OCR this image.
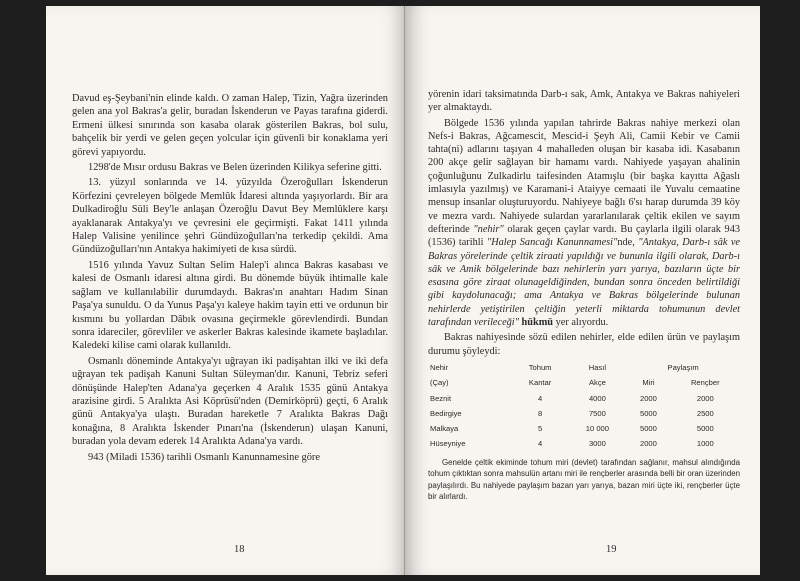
Davud eş-Şeybani'nin elinde kaldı. O zaman Halep, Tizin, Yağra üzerinden gelen ana yol Bakras'a gelir, buradan İskenderun ve Payas tarafına giderdi. Ermeni ülkesi sınırında son kasaba olarak gösterilen Bakras, bol sulu, bahçelik bir yerdi ve gelen geçen yolcular için güvenli bir konaklama yeri görevi yapıyordu.

1298'de Mısır ordusu Bakras ve Belen üzerinden Kilikya seferine gitti.

13. yüzyıl sonlarında ve 14. yüzyılda Özeroğulları İskenderun Körfezini çevreleyen bölgede Memlûk İdaresi altında yaşıyorlardı. Bir ara Dulkadiroğlu Süli Bey'le anlaşan Özeroğlu Davut Bey Memlûklere karşı ayaklanarak Antakya'yı ve çevresini ele geçirmişti. Fakat 1411 yılında Halep Valisine yenilince şehri Gündüzoğulları'na terkedip çekildi. Ama Gündüzoğulları'nın Antakya hakimiyeti de kısa sürdü.

1516 yılında Yavuz Sultan Selim Halep'i alınca Bakras kasabası ve kalesi de Osmanlı idaresi altına girdi. Bu dönemde büyük ihtimalle kale sağlam ve kullanılabilir durumdaydı. Bakras'ın anahtarı Hadım Sinan Paşa'ya sunuldu. O da Yunus Paşa'yı kaleye hakim tayin etti ve ordunun bir kısmını bu yollardan Dâbık ovasına geçirmekle görevlendirdi. Bundan sonra idareciler, görevliler ve askerler Bakras kalesinde ikamete başladılar. Kaledeki kilise cami olarak kullanıldı.

Osmanlı döneminde Antakya'yı uğrayan iki padişahtan ilki ve iki defa uğrayan tek padişah Kanuni Sultan Süleyman'dır. Kanuni, Tebriz seferi dönüşünde Halep'ten Adana'ya geçerken 4 Aralık 1535 günü Antakya arazisine girdi. 5 Aralıkta Asi Köprüsü'nden (Demirköprü) geçti, 6 Aralık günü Antakya'ya ulaştı. Buradan hareketle 7 Aralıkta Bakras Dağı konağına, 8 Aralıkta İskender Pınarı'na (İskenderun) ulaşan Kanuni, buradan yola devam ederek 14 Aralıkta Adana'ya vardı.

943 (Miladi 1536) tarihli Osmanlı Kanunnamesine göre

18

yörenin idari taksimatında Darb-ı sak, Amk, Antakya ve Bakras nahiyeleri yer almaktaydı.

Bölgede 1536 yılında yapılan tahrirde Bakras nahiye merkezi olan Nefs-i Bakras, Ağcamescit, Mescid-i Şeyh Ali, Camii Kebir ve Camii tahta(ni) adlarını taşıyan 4 mahalleden oluşan bir kasaba idi. Kasabanın 200 akçe gelir sağlayan bir hamamı vardı. Nahiyede yaşayan ahalinin çoğunluğunu Zulkadirlu taifesinden Atamışlu (bir başka kayıtta Ağaslı imlasıyla yazılmış) ve Karamani-i Ataiyye cemaati ile Yuvalu cemaatine mensup insanlar oluşturuyordu. Nahiyeye bağlı 6'sı harap durumda 39 köy ve mezra vardı. Nahiyede sulardan yararlanılarak çeltik ekilen ve sayım defterinde "nehir" olarak geçen çaylar vardı. Bu çaylarla ilgili olarak 943 (1536) tarihli "Halep Sancağı Kanunnamesi"nde, "Antakya, Darb-ı sâk ve Bakras yörelerinde çeltik ziraati yapıldığı ve bununla ilgili olarak, Darb-ı sâk ve Amik bölgelerinde bazı nehirlerin yarı yarıya, bazıların üçte bir esasına göre ziraat olunageldiğinden, bundan sonra önceden belirtildiği gibi kaydolunacağı; ama Antakya ve Bakras bölgelerinde bulunan nehirlerde yetiştirilen çeltiğin yeterli miktarda tohumunun devlet tarafından verileceği" hükmü yer alıyordu.

Bakras nahiyesinde sözü edilen nehirler, elde edilen ürün ve paylaşım durumu şöyleydi:

Nehir	Tohum	Hasıl	Paylaşım	
(Çay)	Kantar	Akçe	Miri	Rençber
Beznit	4	4000	2000	2000
Bedirgiye	8	7500	5000	2500
Malkaya	5	10 000	5000	5000
Hüseyniye	4	3000	2000	1000
Genelde çeltik ekiminde tohum miri (devlet) tarafından sağlanır, mahsul alındığında tohum çıktıktan sonra mahsulün artanı miri ile rençberler arasında belli bir oran üzerinden paylaşılırdı. Bu nahiyede paylaşım bazan yarı yarıya, bazan miri üçte iki, rençberler üçte bir alırlardı.
19
